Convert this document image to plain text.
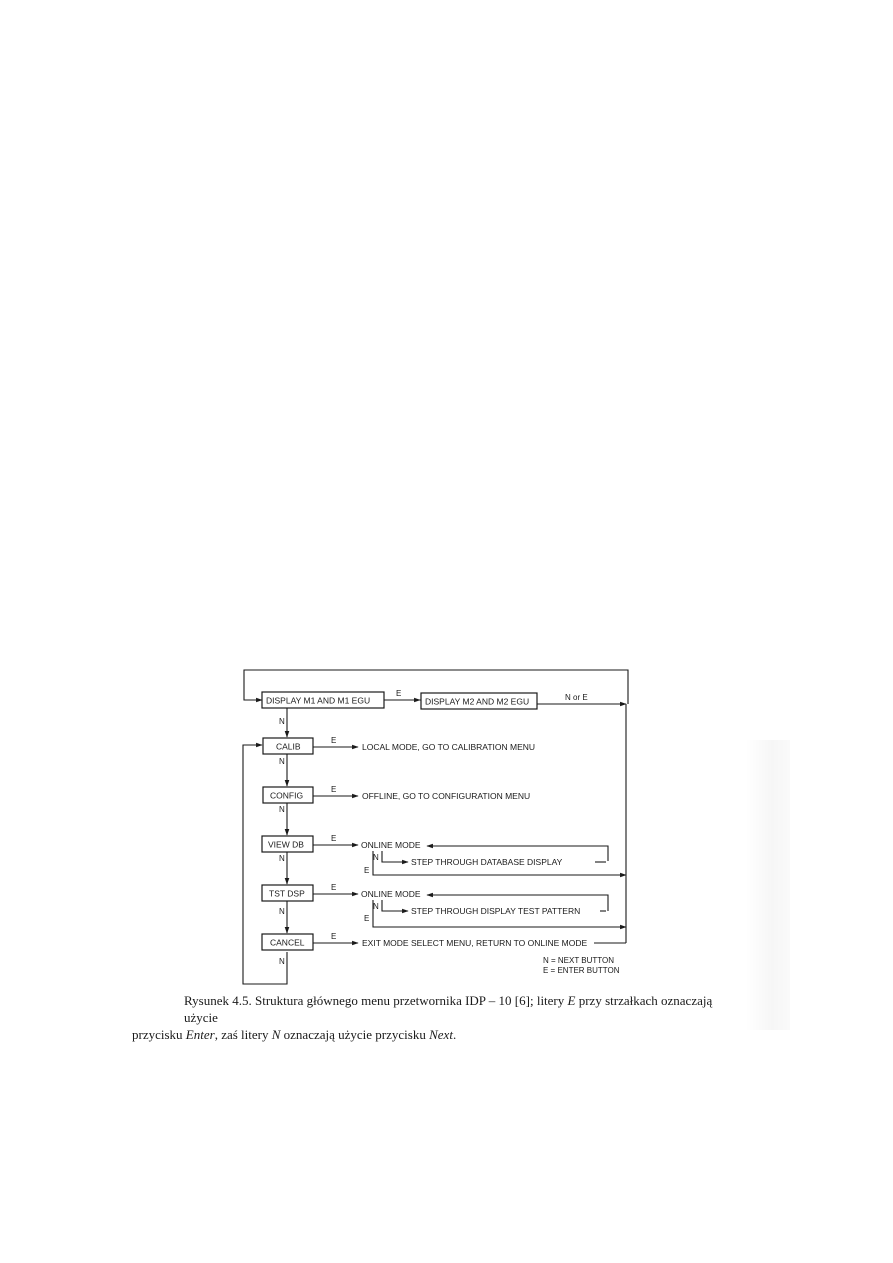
N
N
N
N
N
N
E	N or E
DISPLAY M1 AND M1 EGU	DISPLAY M2 AND M2 EGU
CALIB
CONFIG
VIEW DB
TST DSP
CANCEL
E
LOCAL MODE, GO TO CALIBRATION MENU
E
OFFLINE, GO TO CONFIGURATION MENU
E
ONLINE MODE
N	STEP THROUGH DATABASE DISPLAY
E
E
ONLINE MODE
N	STEP THROUGH DISPLAY TEST PATTERN
E
E
EXIT MODE SELECT MENU, RETURN TO ONLINE MODE
N = NEXT BUTTON
E = ENTER BUTTON

Rysunek 4.5. Struktura głównego menu przetwornika IDP – 10 [6]; litery E przy strzałkach oznaczają użycie
przycisku Enter, zaś litery N oznaczają użycie przycisku Next.
